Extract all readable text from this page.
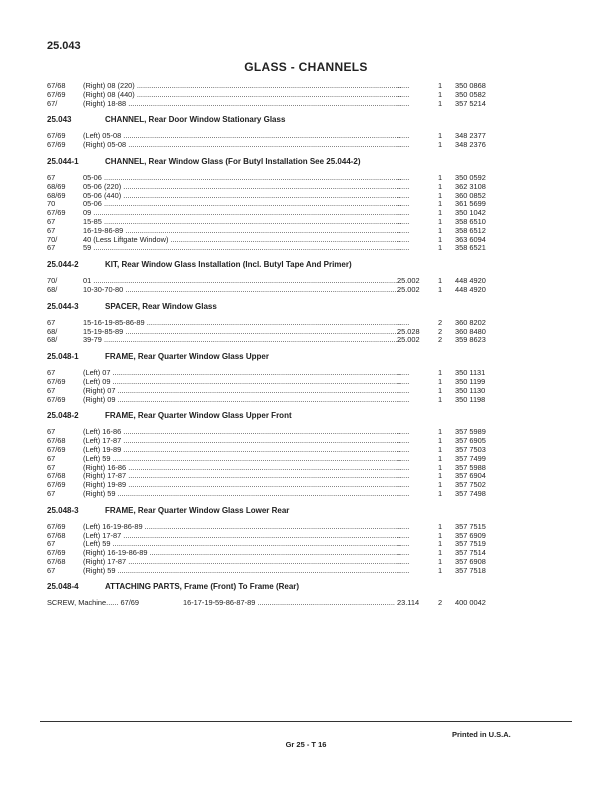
25.043
GLASS - CHANNELS
67/68	(Right) 08 (220) .....	......	1	350 0868
67/69	(Right) 08 (440) .....	......	1	350 0582
67/	(Right) 18-88 .....	......	1	357 5214
25.043	CHANNEL, Rear Door Window Stationary Glass
67/69	(Left) 05-08 .....	......	1	348 2377
67/69	(Right) 05-08 .....	......	1	348 2376
25.044-1	CHANNEL, Rear Window Glass (For Butyl Installation See 25.044-2)
67	05-06 .....	......	1	350 0592
68/69	05-06 (220) .....	......	1	362 3108
68/69	05-06 (440) .....	......	1	360 0852
70	05-06 .....	......	1	361 5699
67/69	09 .....	......	1	350 1042
67	15-85 .....	......	1	358 6510
67	16-19-86-89 .....	......	1	358 6512
70/	40 (Less Liftgate Window) .....	......	1	363 6094
67	59 .....	......	1	358 6521
25.044-2	KIT, Rear Window Glass Installation (Incl. Butyl Tape And Primer)
70/	01 .....	25.002	1	448 4920
68/	10-30-70-80 .....	25.002	1	448 4920
25.044-3	SPACER, Rear Window Glass
67	15-16-19-85-86-89 .....	......	2	360 8202
68/	15-19-85-89 .....	25.028	2	360 8480
68/	39-79 .....	25.002	2	359 8623
25.048-1	FRAME, Rear Quarter Window Glass Upper
67	(Left) 07 .....	......	1	350 1131
67/69	(Left) 09 .....	......	1	350 1199
67	(Right) 07 .....	......	1	350 1130
67/69	(Right) 09 .....	......	1	350 1198
25.048-2	FRAME, Rear Quarter Window Glass Upper Front
67	(Left) 16-86 .....	......	1	357 5989
67/68	(Left) 17-87 .....	......	1	357 6905
67/69	(Left) 19-89 .....	......	1	357 7503
67	(Left) 59 .....	......	1	357 7499
67	(Right) 16-86 .....	......	1	357 5988
67/68	(Right) 17-87 .....	......	1	357 6904
67/69	(Right) 19-89 .....	......	1	357 7502
67	(Right) 59 .....	......	1	357 7498
25.048-3	FRAME, Rear Quarter Window Glass Lower Rear
67/69	(Left) 16-19-86-89 .....	......	1	357 7515
67/68	(Left) 17-87 .....	......	1	357 6909
67	(Left) 59 .....	......	1	357 7519
67/69	(Right) 16-19-86-89 .....	......	1	357 7514
67/68	(Right) 17-87 .....	......	1	357 6908
67	(Right) 59 .....	......	1	357 7518
25.048-4	ATTACHING PARTS, Frame (Front) To Frame (Rear)
SCREW, Machine...... 67/69	16-17-19-59-86-87-89 .....	23.114	2	400 0042
Printed in U.S.A.
Gr 25 - T 16
